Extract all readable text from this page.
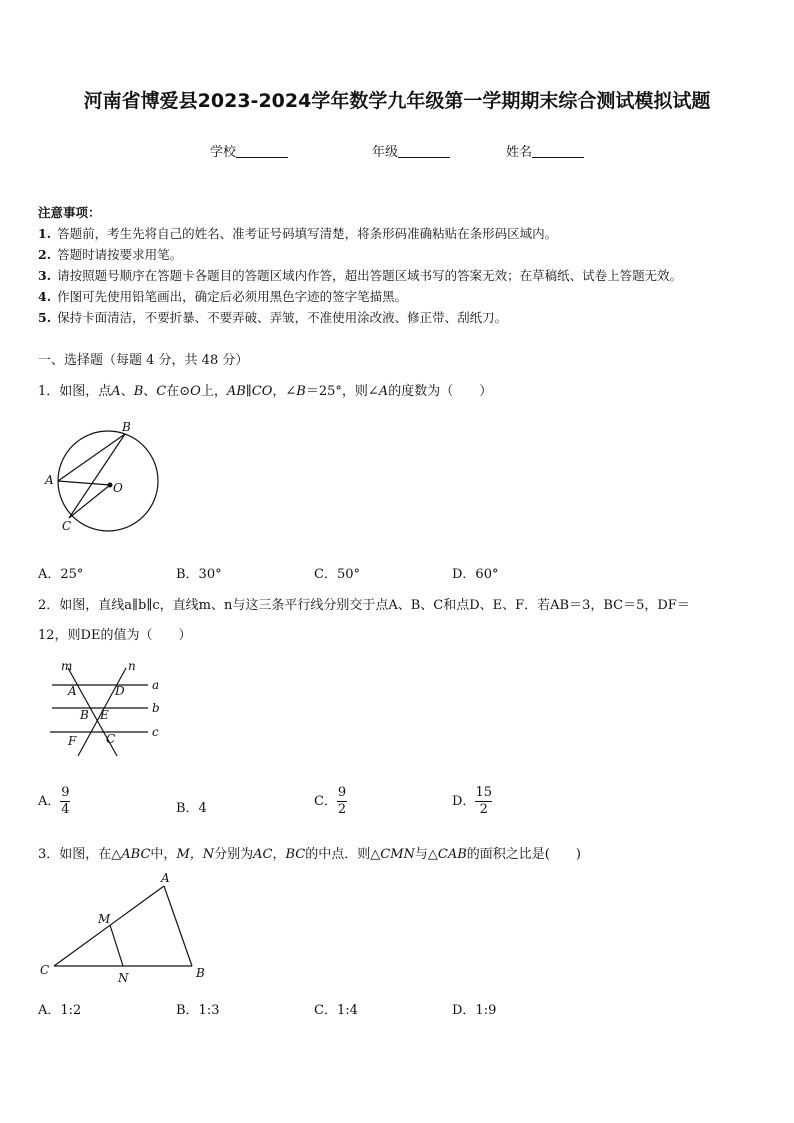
河南省博爱县2023-2024学年数学九年级第一学期期末综合测试模拟试题
学校	年级	姓名
注意事项：
1. 答题前，考生先将自己的姓名、准考证号码填写清楚，将条形码准确粘贴在条形码区域内。
2. 答题时请按要求用笔。
3. 请按照题号顺序在答题卡各题目的答题区域内作答，超出答题区域书写的答案无效；在草稿纸、试卷上答题无效。
4. 作图可先使用铅笔画出，确定后必须用黑色字迹的签字笔描黑。
5. 保持卡面清洁，不要折暴、不要弄破、弄皱，不准使用涂改液、修正带、刮纸刀。
一、选择题（每题 4 分，共 48 分）
1．如图，点A、B、C在⊙O上，AB∥CO，∠B＝25°，则∠A的度数为（　　）
B
A
O
C
A．25°	B．30°	C．50°	D．60°
2．如图，直线a∥b∥c，直线m、n与这三条平行线分别交于点A、B、C和点D、E、F．若AB＝3，BC＝5，DF＝
12，则DE的值为（　　）
m	n
a
b
c
A	D
B E
F C
A． $\frac{9}{4}$	B．4	C． $\frac{9}{2}$	D． $\frac{15}{2}$
3．如图，在△ABC中，M，N分别为AC，BC的中点．则△CMN与△CAB的面积之比是(　　)
A
M
C
N	B
A．1:2	B．1:3	C．1:4	D．1:9
